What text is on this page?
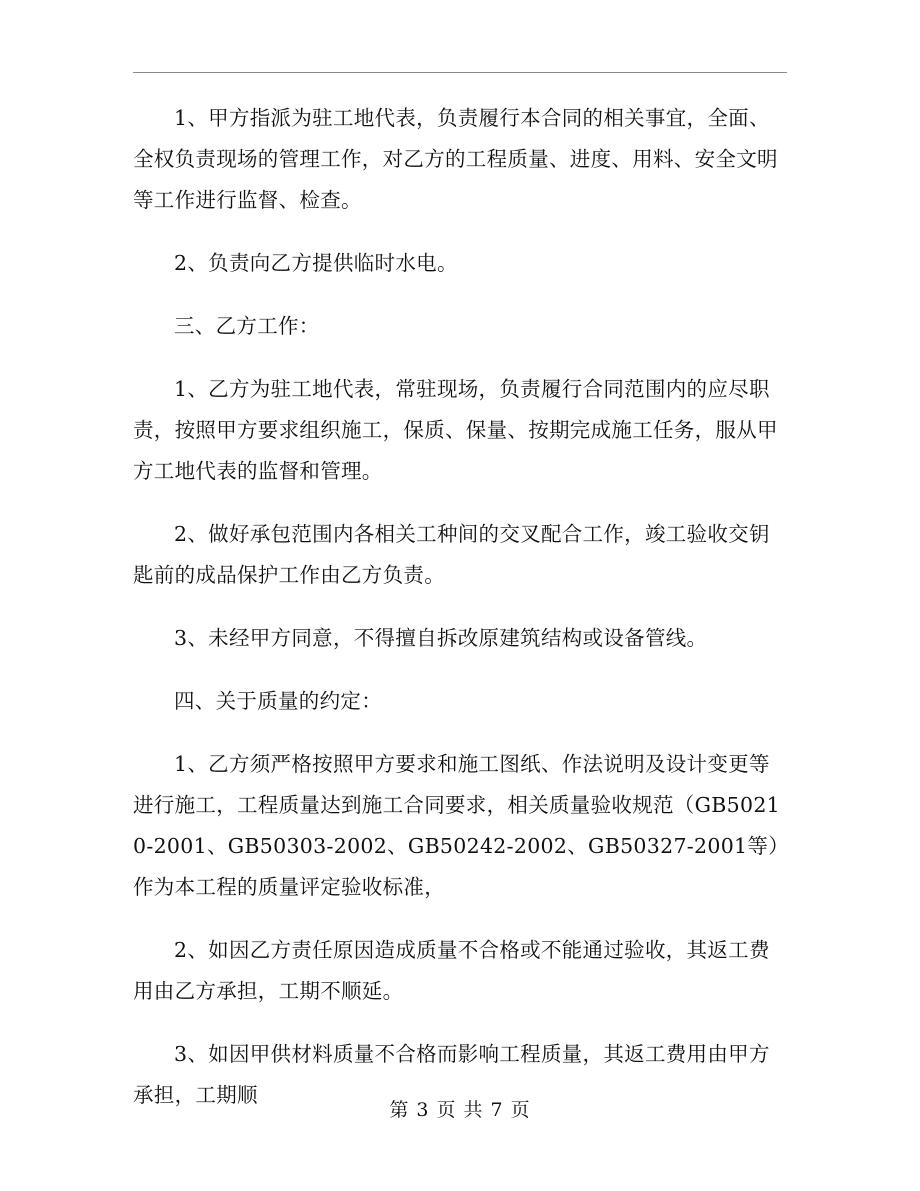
1、甲方指派为驻工地代表，负责履行本合同的相关事宜，全面、全权负责现场的管理工作，对乙方的工程质量、进度、用料、安全文明等工作进行监督、检查。

2、负责向乙方提供临时水电。

三、乙方工作：

1、乙方为驻工地代表，常驻现场，负责履行合同范围内的应尽职责，按照甲方要求组织施工，保质、保量、按期完成施工任务，服从甲方工地代表的监督和管理。

2、做好承包范围内各相关工种间的交叉配合工作，竣工验收交钥匙前的成品保护工作由乙方负责。

3、未经甲方同意，不得擅自拆改原建筑结构或设备管线。

四、关于质量的约定：

1、乙方须严格按照甲方要求和施工图纸、作法说明及设计变更等进行施工，工程质量达到施工合同要求，相关质量验收规范（GB50210-2001、GB50303-2002、GB50242-2002、GB50327-2001等）作为本工程的质量评定验收标准，

2、如因乙方责任原因造成质量不合格或不能通过验收，其返工费用由乙方承担，工期不顺延。

3、如因甲供材料质量不合格而影响工程质量，其返工费用由甲方承担，工期顺

第 3 页 共 7 页
